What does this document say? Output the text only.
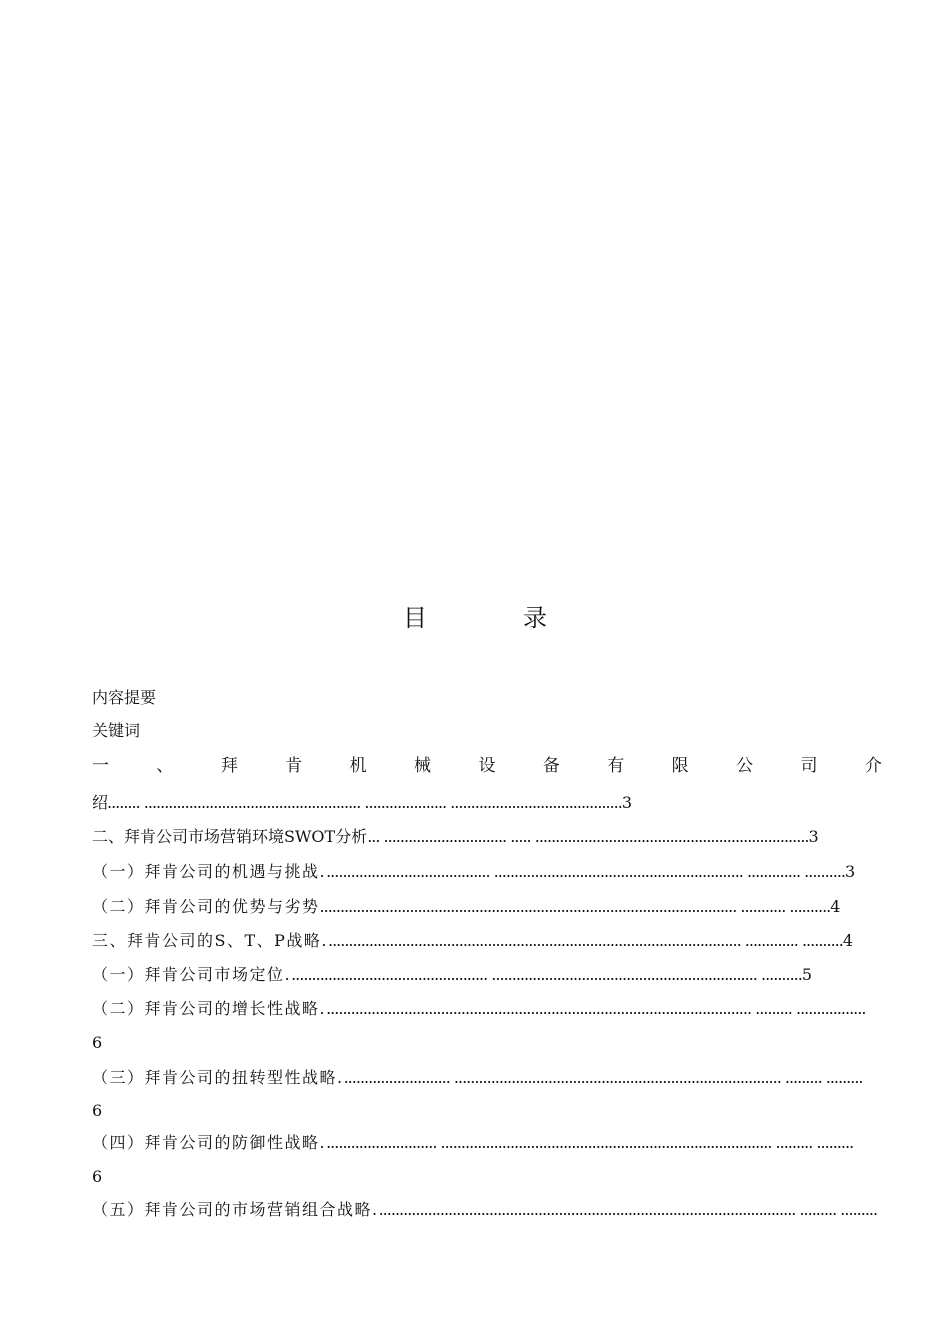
目　录
内容提要
关键词
一	、	拜	肯	机	械	设	备	有	限	公	司	介
绍........ ..................................................... .................... ..........................................3
二、拜肯公司市场营销环境SWOT分析... .............................. ..... ...................................................................3
（一）拜肯公司的机遇与挑战......................................... ............................................................. ............. ..........3
（二）拜肯公司的优势与劣势...................................................................................................... ........... ..........4
三、拜肯公司的S、T、P战略...................................................................................................... ............. ..........4
（一）拜肯公司市场定位................................................. ................................................................. ..........5
（二）拜肯公司的增长性战略......................................................................................................... ......... .................
6
（三）拜肯公司的扭转型性战略........................... ................................................................................ ......... .........
6
（四）拜肯公司的防御性战略............................ ................................................................................. ......... .........
6
（五）拜肯公司的市场营销组合战略....................................................................................................... ......... .........
